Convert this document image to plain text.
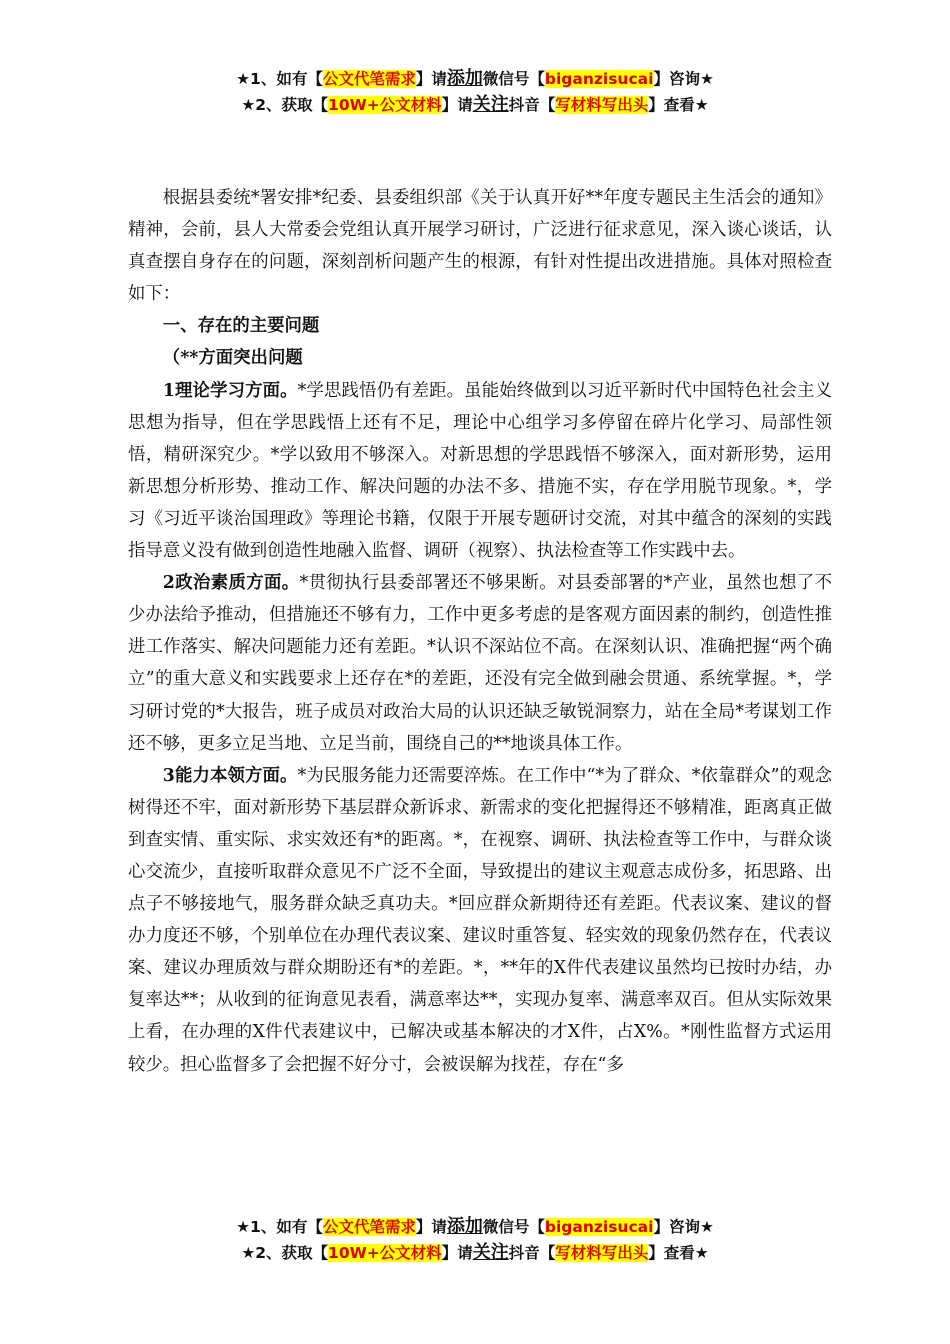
★1、如有【公文代笔需求】请添加微信号【biganzisucai】咨询★
★2、获取【10W+公文材料】请关注抖音【写材料写出头】查看★

根据县委统*署安排*纪委、县委组织部《关于认真开好**年度专题民主生活会的通知》精神，会前，县人大常委会党组认真开展学习研讨，广泛进行征求意见，深入谈心谈话，认真查摆自身存在的问题，深刻剖析问题产生的根源，有针对性提出改进措施。具体对照检查如下：

一、存在的主要问题

（**方面突出问题

1理论学习方面。*学思践悟仍有差距。虽能始终做到以习近平新时代中国特色社会主义思想为指导，但在学思践悟上还有不足，理论中心组学习多停留在碎片化学习、局部性领悟，精研深究少。*学以致用不够深入。对新思想的学思践悟不够深入，面对新形势，运用新思想分析形势、推动工作、解决问题的办法不多、措施不实，存在学用脱节现象。*，学习《习近平谈治国理政》等理论书籍，仅限于开展专题研讨交流，对其中蕴含的深刻的实践指导意义没有做到创造性地融入监督、调研（视察）、执法检查等工作实践中去。

2政治素质方面。*贯彻执行县委部署还不够果断。对县委部署的*产业，虽然也想了不少办法给予推动，但措施还不够有力，工作中更多考虑的是客观方面因素的制约，创造性推进工作落实、解决问题能力还有差距。*认识不深站位不高。在深刻认识、准确把握“两个确立”的重大意义和实践要求上还存在*的差距，还没有完全做到融会贯通、系统掌握。*，学习研讨党的*大报告，班子成员对政治大局的认识还缺乏敏锐洞察力，站在全局*考谋划工作还不够，更多立足当地、立足当前，围绕自己的**地谈具体工作。

3能力本领方面。*为民服务能力还需要淬炼。在工作中“*为了群众、*依靠群众”的观念树得还不牢，面对新形势下基层群众新诉求、新需求的变化把握得还不够精准，距离真正做到查实情、重实际、求实效还有*的距离。*，在视察、调研、执法检查等工作中，与群众谈心交流少，直接听取群众意见不广泛不全面，导致提出的建议主观意志成份多，拓思路、出点子不够接地气，服务群众缺乏真功夫。*回应群众新期待还有差距。代表议案、建议的督办力度还不够，个别单位在办理代表议案、建议时重答复、轻实效的现象仍然存在，代表议案、建议办理质效与群众期盼还有*的差距。*，**年的X件代表建议虽然均已按时办结，办复率达**；从收到的征询意见表看，满意率达**，实现办复率、满意率双百。但从实际效果上看，在办理的X件代表建议中，已解决或基本解决的才X件，占X%。*刚性监督方式运用较少。担心监督多了会把握不好分寸，会被误解为找茬，存在“多

★1、如有【公文代笔需求】请添加微信号【biganzisucai】咨询★
★2、获取【10W+公文材料】请关注抖音【写材料写出头】查看★
